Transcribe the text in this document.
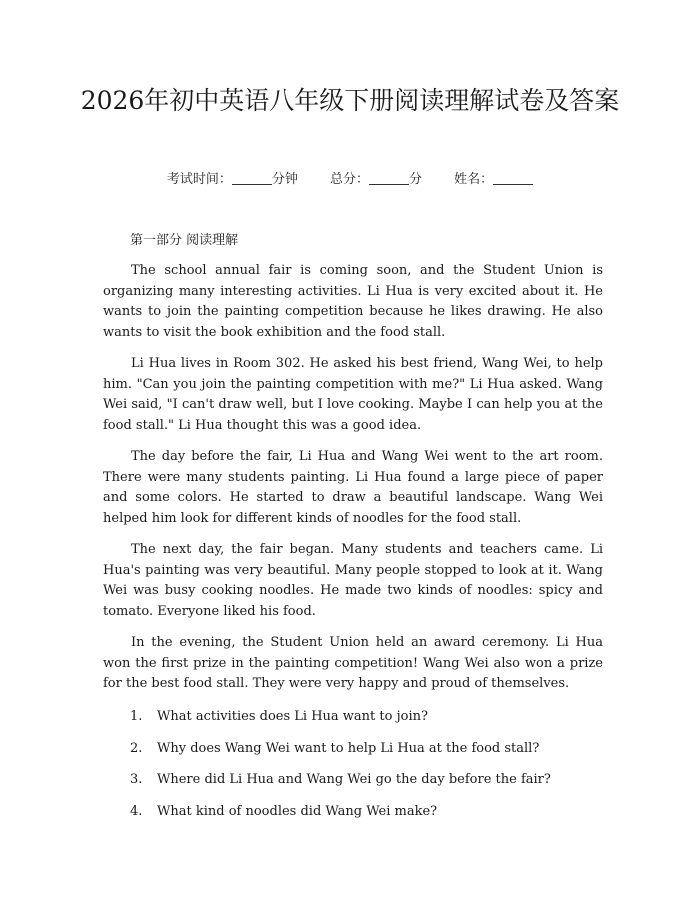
2026年初中英语八年级下册阅读理解试卷及答案
考试时间：	分钟 总分：	分 姓名：
第一部分 阅读理解

The school annual fair is coming soon, and the Student Union is organizing many interesting activities. Li Hua is very excited about it. He wants to join the painting competition because he likes drawing. He also wants to visit the book exhibition and the food stall.

Li Hua lives in Room 302. He asked his best friend, Wang Wei, to help him. "Can you join the painting competition with me?" Li Hua asked. Wang Wei said, "I can't draw well, but I love cooking. Maybe I can help you at the food stall." Li Hua thought this was a good idea.

The day before the fair, Li Hua and Wang Wei went to the art room. There were many students painting. Li Hua found a large piece of paper and some colors. He started to draw a beautiful landscape. Wang Wei helped him look for different kinds of noodles for the food stall.

The next day, the fair began. Many students and teachers came. Li Hua's painting was very beautiful. Many people stopped to look at it. Wang Wei was busy cooking noodles. He made two kinds of noodles: spicy and tomato. Everyone liked his food.

In the evening, the Student Union held an award ceremony. Li Hua won the first prize in the painting competition! Wang Wei also won a prize for the best food stall. They were very happy and proud of themselves.

1.	What activities does Li Hua want to join?
2.	Why does Wang Wei want to help Li Hua at the food stall?
3.	Where did Li Hua and Wang Wei go the day before the fair?
4.	What kind of noodles did Wang Wei make?
